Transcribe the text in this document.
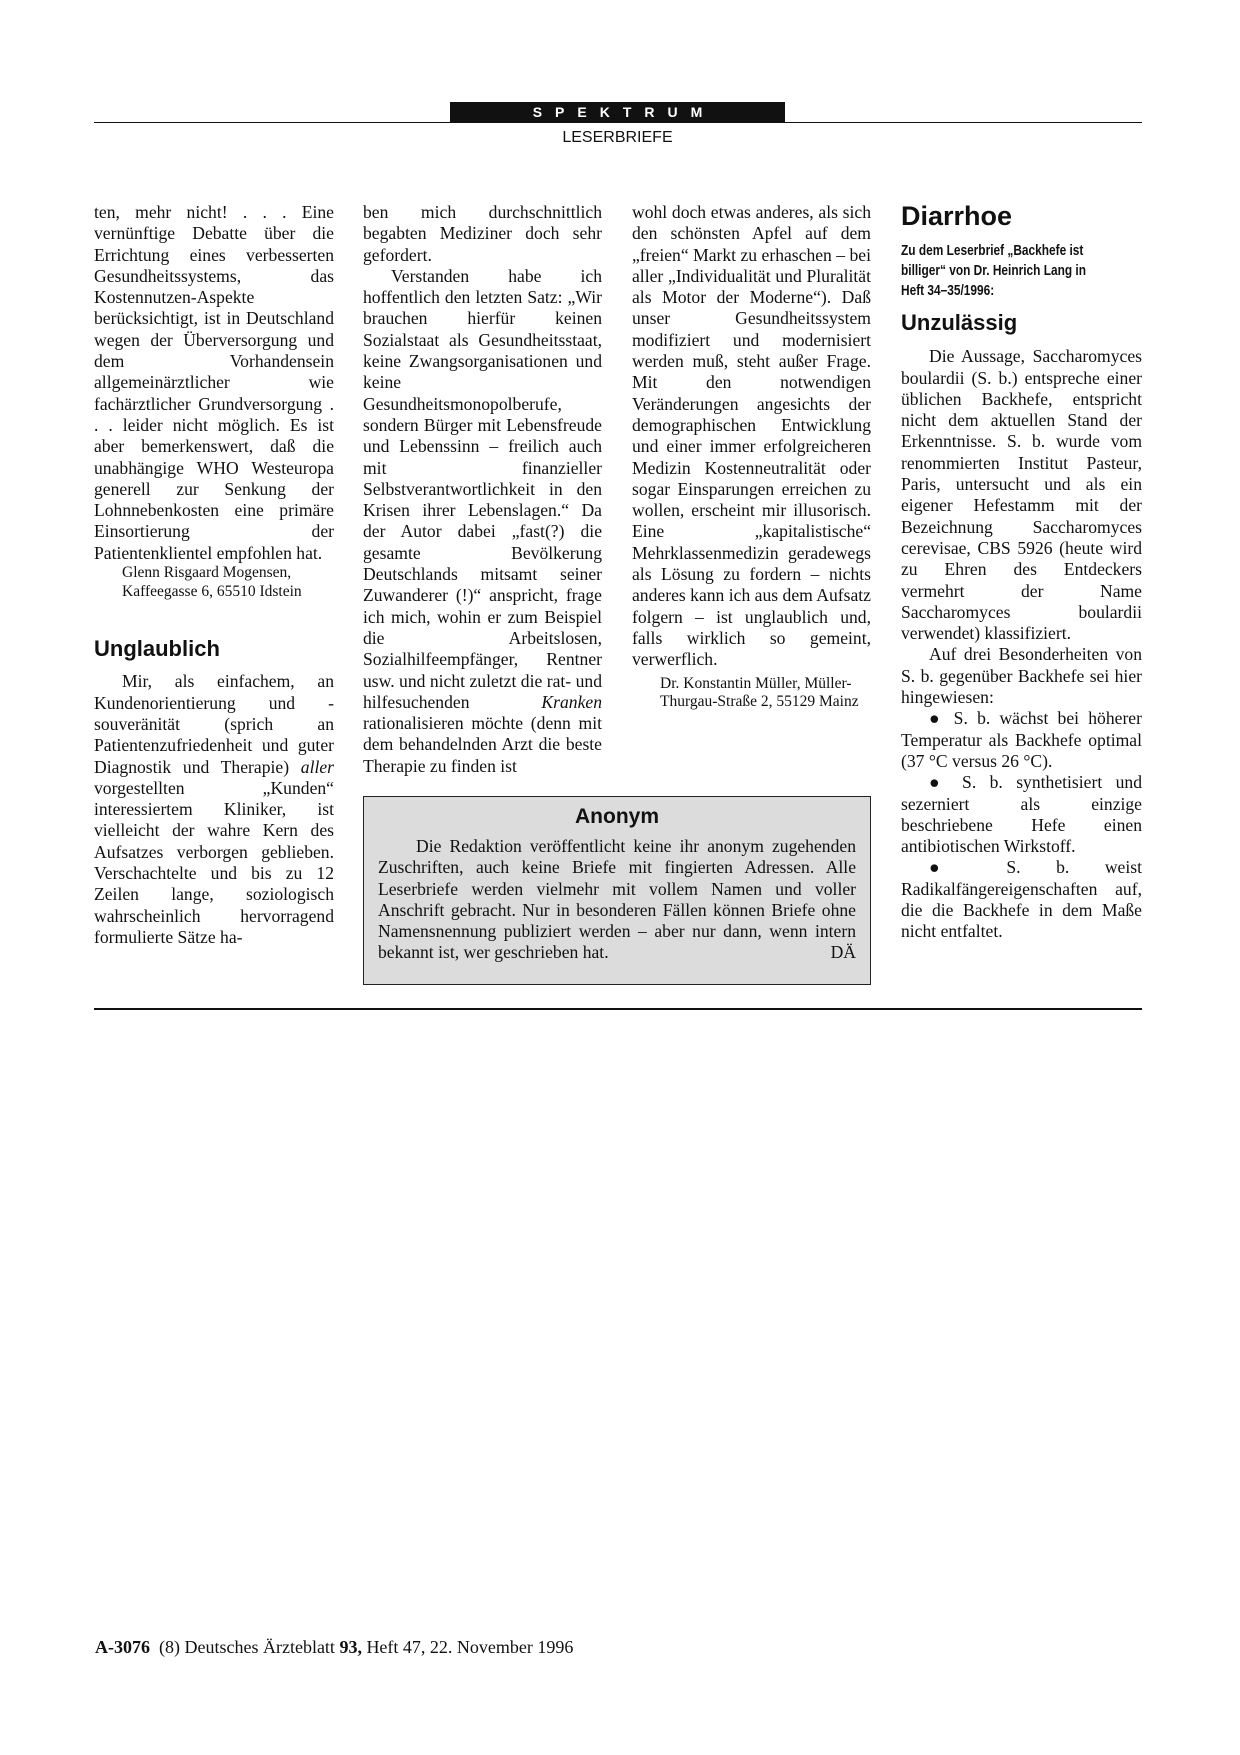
SPEKTRUM
LESERBRIEFE

ten, mehr nicht! . . . Eine vernünftige Debatte über die Errichtung eines verbesserten Gesundheitssystems, das Kostennutzen-Aspekte berücksichtigt, ist in Deutschland wegen der Überversorgung und dem Vorhandensein allgemeinärztlicher wie fachärztlicher Grundversorgung . . . leider nicht möglich. Es ist aber bemerkenswert, daß die unabhängige WHO Westeuropa generell zur Senkung der Lohnnebenkosten eine primäre Einsortierung der Patientenklientel empfohlen hat.

Glenn Risgaard Mogensen,
Kaffeegasse 6, 65510 Idstein

Unglaublich

Mir, als einfachem, an Kundenorientierung und -souveränität (sprich an Patientenzufriedenheit und guter Diagnostik und Therapie) aller vorgestellten „Kunden“ interessiertem Kliniker, ist vielleicht der wahre Kern des Aufsatzes verborgen geblieben. Verschachtelte und bis zu 12 Zeilen lange, soziologisch wahrscheinlich hervorragend formulierte Sätze ha-

ben mich durchschnittlich begabten Mediziner doch sehr gefordert.

Verstanden habe ich hoffentlich den letzten Satz: „Wir brauchen hierfür keinen Sozialstaat als Gesundheitsstaat, keine Zwangsorganisationen und keine Gesundheitsmonopolberufe, sondern Bürger mit Lebensfreude und Lebenssinn – freilich auch mit finanzieller Selbstverantwortlichkeit in den Krisen ihrer Lebenslagen.“ Da der Autor dabei „fast(?) die gesamte Bevölkerung Deutschlands mitsamt seiner Zuwanderer (!)“ anspricht, frage ich mich, wohin er zum Beispiel die Arbeitslosen, Sozialhilfeempfänger, Rentner usw. und nicht zuletzt die rat- und hilfesuchenden	Kranken rationalisieren möchte (denn mit dem behandelnden Arzt die beste Therapie zu finden ist

wohl doch etwas anderes, als sich den schönsten Apfel auf dem „freien“ Markt zu erhaschen – bei aller „Individualität und Pluralität als Motor der Moderne“). Daß unser Gesundheitssystem modifiziert und modernisiert werden muß, steht außer Frage. Mit den notwendigen Veränderungen angesichts der demographischen Entwicklung und einer immer erfolgreicheren Medizin Kostenneutralität oder sogar Einsparungen erreichen zu wollen, erscheint mir illusorisch. Eine „kapitalistische“ Mehrklassenmedizin geradewegs als Lösung zu fordern – nichts anderes kann ich aus dem Aufsatz folgern – ist unglaublich und, falls wirklich so gemeint, verwerflich.

Dr. Konstantin Müller, Müller-Thurgau-Straße 2, 55129 Mainz

Diarrhoe

Zu dem Leserbrief „Backhefe ist billiger“ von Dr. Heinrich Lang in Heft 34–35/1996:

Unzulässig

Die Aussage, Saccharomyces boulardii (S. b.) entspreche einer üblichen Backhefe, entspricht nicht dem aktuellen Stand der Erkenntnisse. S. b. wurde vom renommierten Institut Pasteur, Paris, untersucht und als ein eigener Hefestamm mit der Bezeichnung Saccharomyces cerevisae, CBS 5926 (heute wird zu Ehren des Entdeckers vermehrt der Name Saccharomyces boulardii verwendet) klassifiziert.

Auf drei Besonderheiten von S. b. gegenüber Backhefe sei hier hingewiesen:

● S. b. wächst bei höherer Temperatur als Backhefe optimal (37 °C versus 26 °C).

● S. b. synthetisiert und sezerniert als einzige beschriebene Hefe einen antibiotischen Wirkstoff.

● S. b. weist Radikalfängereigenschaften auf, die die Backhefe in dem Maße nicht entfaltet.

Anonym

Die Redaktion veröffentlicht keine ihr anonym zugehenden Zuschriften, auch keine Briefe mit fingierten Adressen. Alle Leserbriefe werden vielmehr mit vollem Namen und voller Anschrift gebracht. Nur in besonderen Fällen können Briefe ohne Namensnennung publiziert werden – aber nur dann, wenn intern bekannt ist, wer geschrieben hat.	DÄ

A-3076 (8) Deutsches Ärzteblatt 93, Heft 47, 22. November 1996
